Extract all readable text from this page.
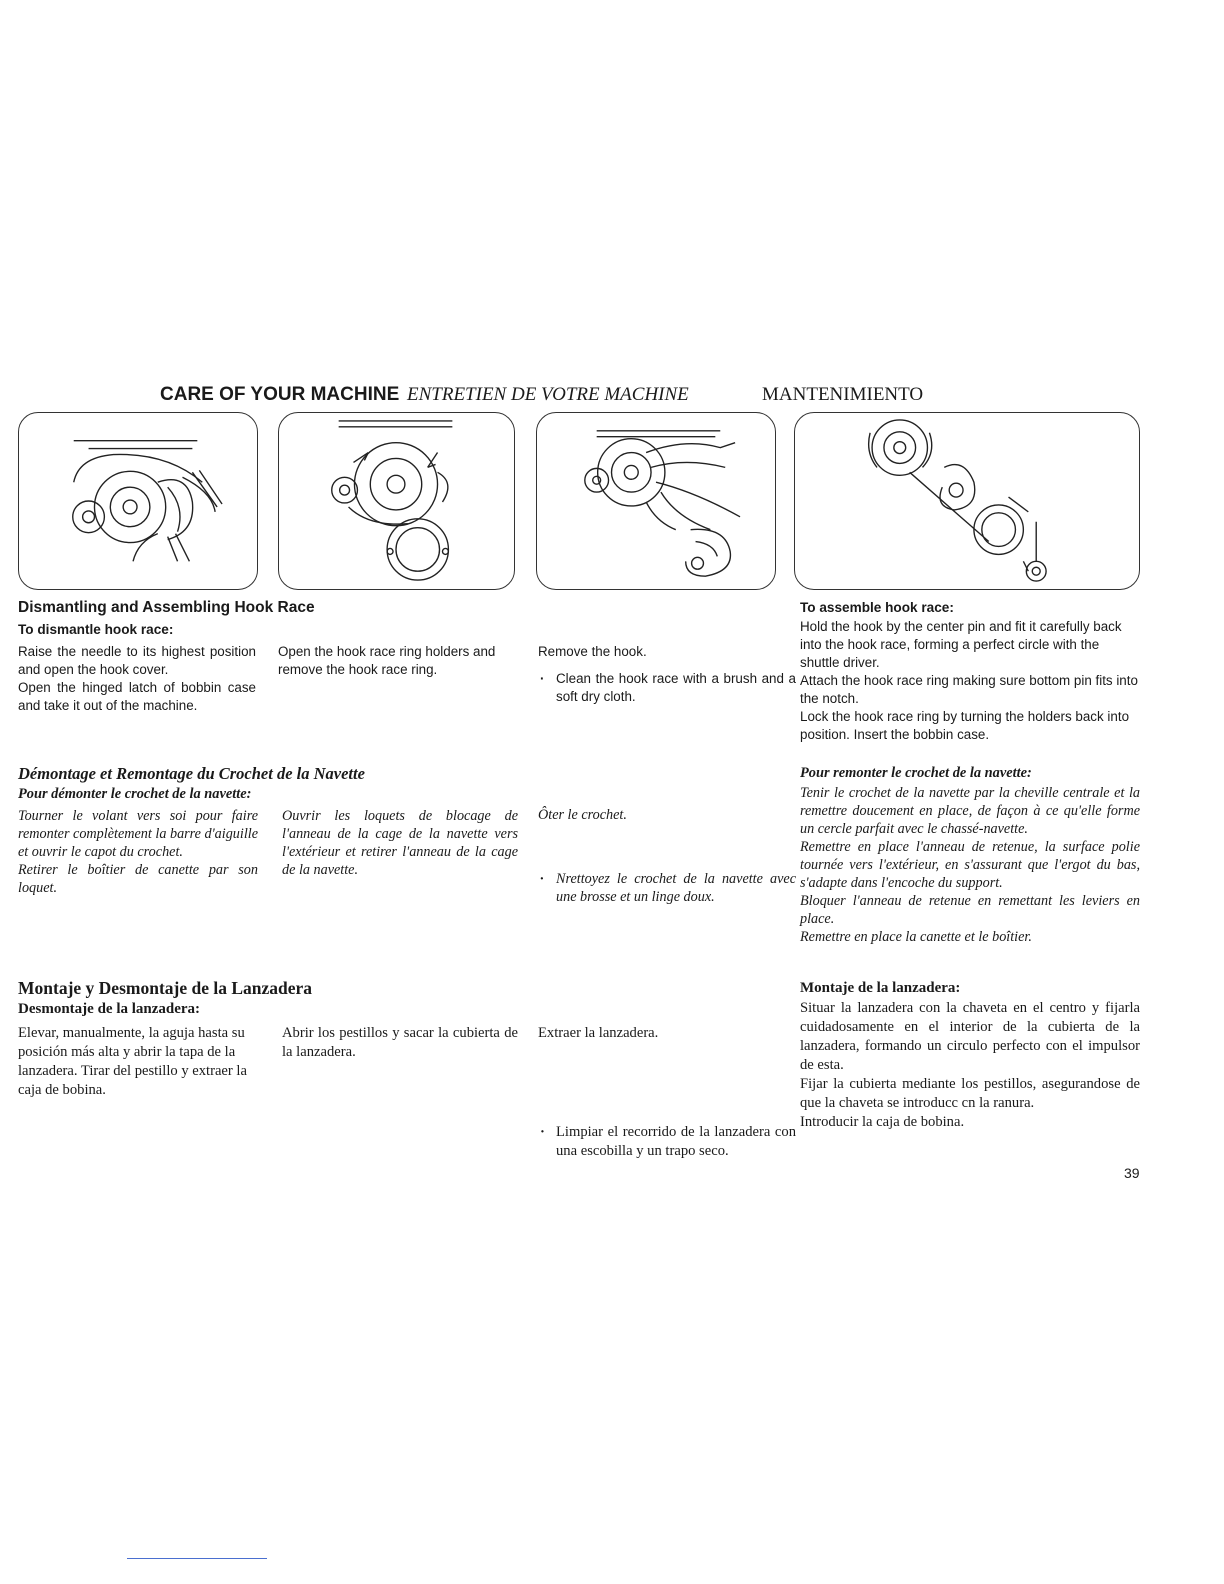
CARE OF YOUR MACHINE ENTRETIEN DE VOTRE MACHINE	MANTENIMIENTO
Dismantling and Assembling Hook Race
To dismantle hook race:
Raise the needle to its highest position and open the hook cover.
Open the hinged latch of bobbin case and take it out of the machine.
Open the hook race ring holders and remove the hook race ring.
Remove the hook.
· Clean the hook race with a brush and a soft dry cloth.
To assemble hook race:
Hold the hook by the center pin and fit it carefully back into the hook race, forming a perfect circle with the shuttle driver.
Attach the hook race ring making sure bottom pin fits into the notch.
Lock the hook race ring by turning the holders back into position. Insert the bobbin case.
Démontage et Remontage du Crochet de la Navette
Pour démonter le crochet de la navette:
Tourner le volant vers soi pour faire remonter complètement la barre d'aiguille et ouvrir le capot du crochet.
Retirer le boîtier de canette par son loquet.
Ouvrir les loquets de blocage de l'anneau de la cage de la navette vers l'extérieur et retirer l'anneau de la cage de la navette.
Ôter le crochet.
· Nrettoyez le crochet de la navette avec une brosse et un linge doux.
Pour remonter le crochet de la navette:
Tenir le crochet de la navette par la cheville centrale et la remettre doucement en place, de façon à ce qu'elle forme un cercle parfait avec le chassé-navette.
Remettre en place l'anneau de retenue, la surface polie tournée vers l'extérieur, en s'assurant que l'ergot du bas, s'adapte dans l'encoche du support.
Bloquer l'anneau de retenue en remettant les leviers en place.
Remettre en place la canette et le boîtier.
Montaje y Desmontaje de la Lanzadera
Desmontaje de la lanzadera:
Elevar, manualmente, la aguja hasta su posición más alta y abrir la tapa de la lanzadera. Tirar del pestillo y extraer la caja de bobina.
Abrir los pestillos y sacar la cubierta de la lanzadera.
Extraer la lanzadera.
· Limpiar el recorrido de la lanzadera con una escobilla y un trapo seco.
Montaje de la lanzadera:
Situar la lanzadera con la chaveta en el centro y fijarla cuidadosamente en el interior de la cubierta de la lanzadera, formando un circulo perfecto con el impulsor de esta.
Fijar la cubierta mediante los pestillos, asegurandose de que la chaveta se introducc cn la ranura.
Introducir la caja de bobina.
39
